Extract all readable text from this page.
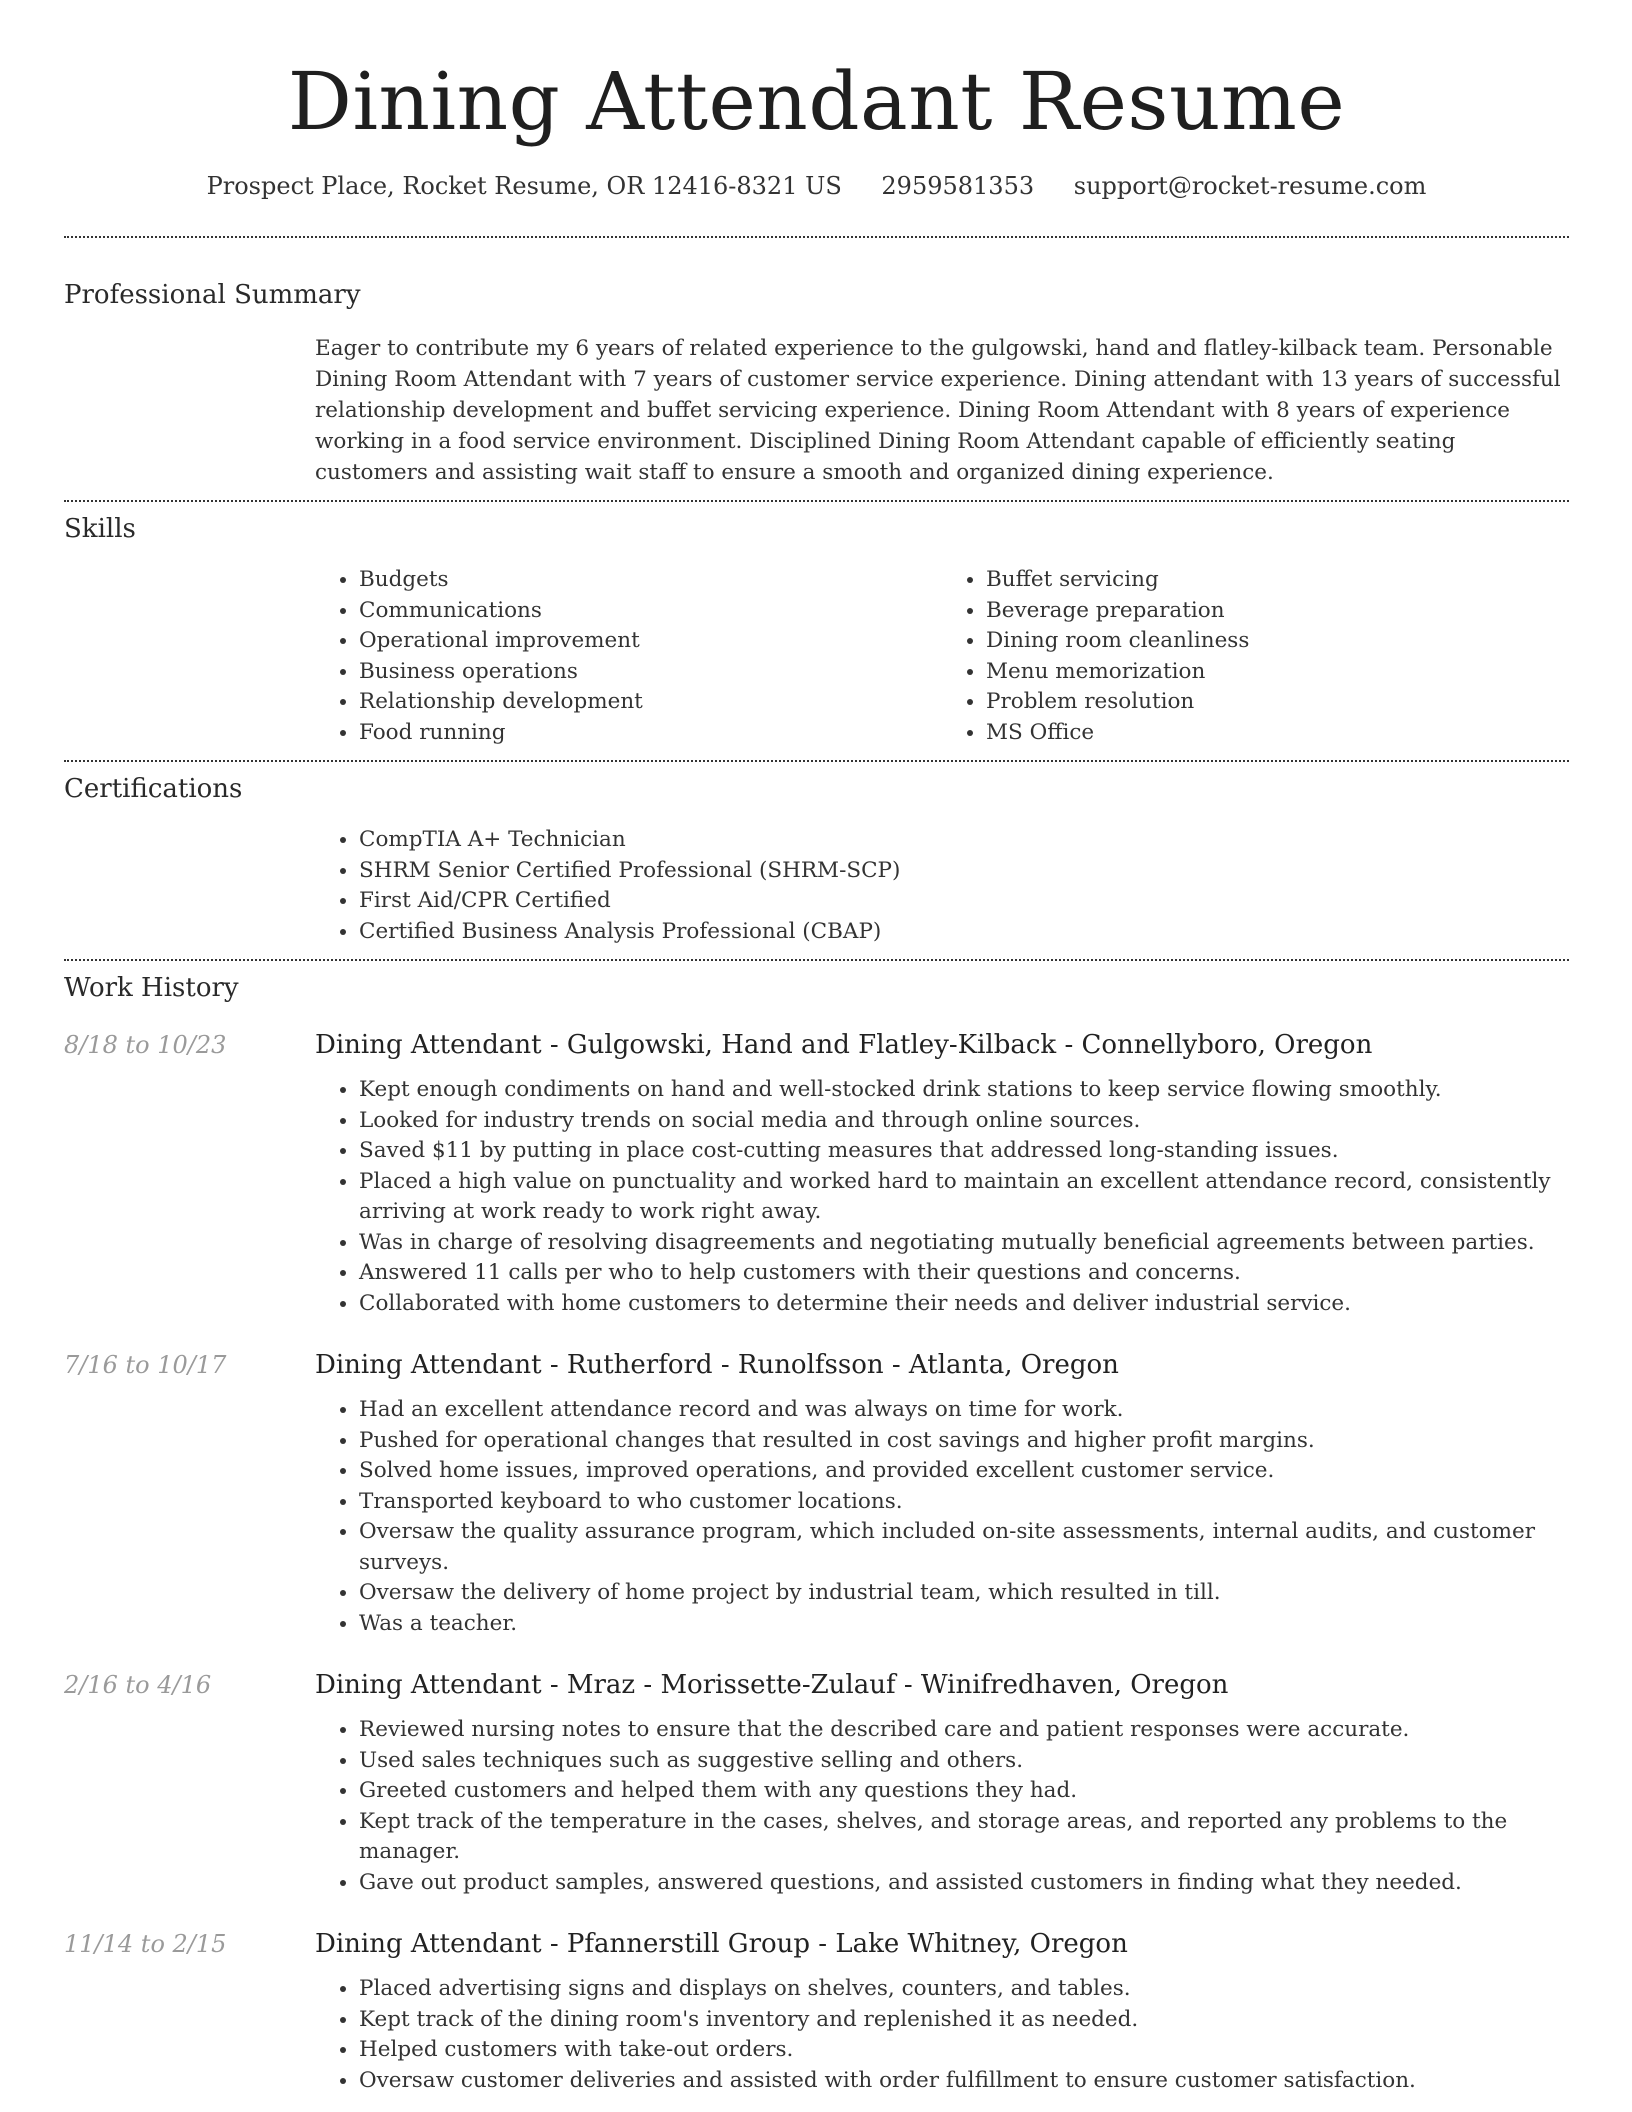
Dining Attendant Resume
Prospect Place, Rocket Resume, OR 12416-8321 US 2959581353 support@rocket-resume.com
Professional Summary
Eager to contribute my 6 years of related experience to the gulgowski, hand and flatley-kilback team. Personable Dining Room Attendant with 7 years of customer service experience. Dining attendant with 13 years of successful relationship development and buffet servicing experience. Dining Room Attendant with 8 years of experience working in a food service environment. Disciplined Dining Room Attendant capable of efficiently seating customers and assisting wait staff to ensure a smooth and organized dining experience.
Skills
• Budgets
• Communications
• Operational improvement
• Business operations
• Relationship development
• Food running
• Buffet servicing
• Beverage preparation
• Dining room cleanliness
• Menu memorization
• Problem resolution
• MS Office
Certifications
• CompTIA A+ Technician
• SHRM Senior Certified Professional (SHRM-SCP)
• First Aid/CPR Certified
• Certified Business Analysis Professional (CBAP)
Work History
8/18 to 10/23	Dining Attendant - Gulgowski, Hand and Flatley-Kilback - Connellyboro, Oregon
• Kept enough condiments on hand and well-stocked drink stations to keep service flowing smoothly.
• Looked for industry trends on social media and through online sources.
• Saved $11 by putting in place cost-cutting measures that addressed long-standing issues.
• Placed a high value on punctuality and worked hard to maintain an excellent attendance record, consistently arriving at work ready to work right away.
• Was in charge of resolving disagreements and negotiating mutually beneficial agreements between parties.
• Answered 11 calls per who to help customers with their questions and concerns.
• Collaborated with home customers to determine their needs and deliver industrial service.
7/16 to 10/17	Dining Attendant - Rutherford - Runolfsson - Atlanta, Oregon
• Had an excellent attendance record and was always on time for work.
• Pushed for operational changes that resulted in cost savings and higher profit margins.
• Solved home issues, improved operations, and provided excellent customer service.
• Transported keyboard to who customer locations.
• Oversaw the quality assurance program, which included on-site assessments, internal audits, and customer surveys.
• Oversaw the delivery of home project by industrial team, which resulted in till.
• Was a teacher.
2/16 to 4/16	Dining Attendant - Mraz - Morissette-Zulauf - Winifredhaven, Oregon
• Reviewed nursing notes to ensure that the described care and patient responses were accurate.
• Used sales techniques such as suggestive selling and others.
• Greeted customers and helped them with any questions they had.
• Kept track of the temperature in the cases, shelves, and storage areas, and reported any problems to the manager.
• Gave out product samples, answered questions, and assisted customers in finding what they needed.
11/14 to 2/15	Dining Attendant - Pfannerstill Group - Lake Whitney, Oregon
• Placed advertising signs and displays on shelves, counters, and tables.
• Kept track of the dining room's inventory and replenished it as needed.
• Helped customers with take-out orders.
• Oversaw customer deliveries and assisted with order fulfillment to ensure customer satisfaction.
